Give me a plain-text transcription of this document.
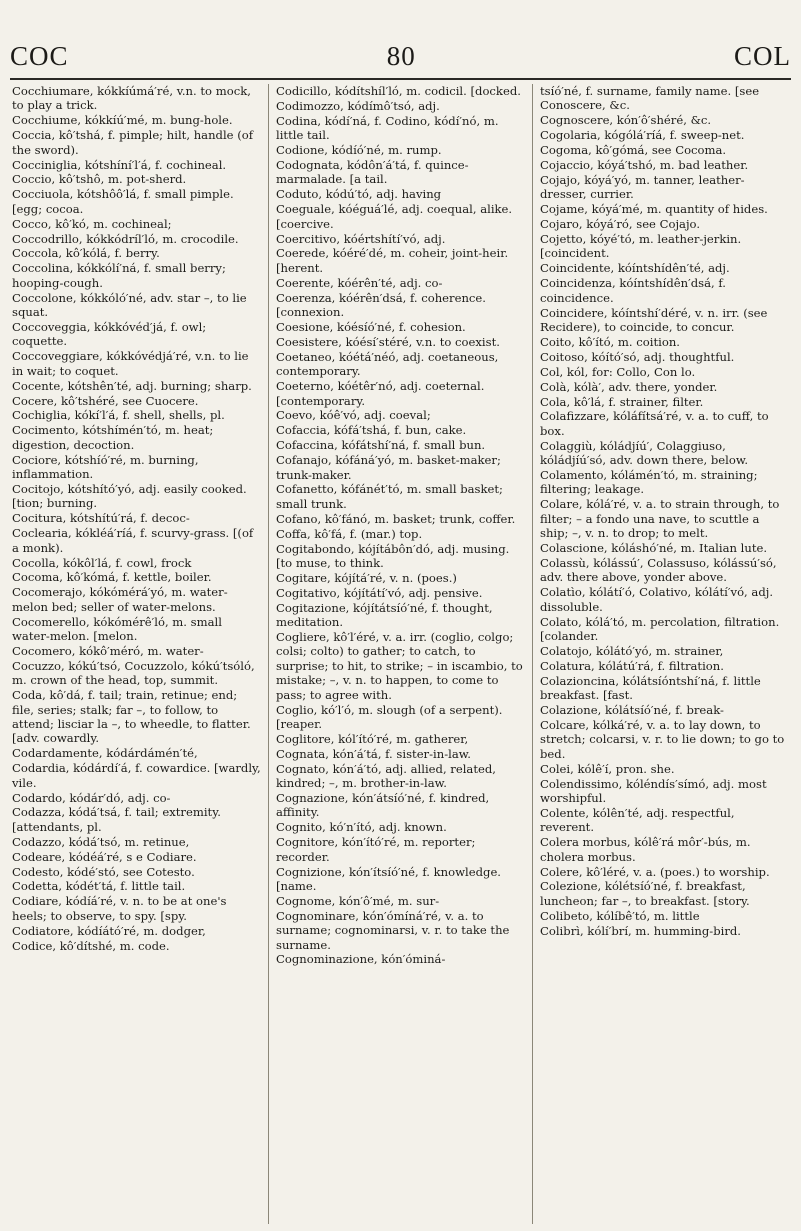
COC	80	COL
Cocchiumare, kókkíúmá′ré, v.n. to mock, to play a trick.
Cocchiume, kókkíú′mé, m. bung-hole.
Coccia, kô′tshá, f. pimple; hilt, handle (of the sword).
Cocciniglia, kótshíní′l′á, f. cochineal.
Coccio, kô′tshô, m. pot-sherd.
Cocciuola, kótshôô′lá, f. small pimple. [egg; cocoa.
Cocco, kô′kó, m. cochineal;
Coccodrillo, kókkódríl′ló, m. crocodile.
Coccola, kô′kólá, f. berry.
Coccolina, kókkólí′ná, f. small berry; hooping-cough.
Coccolone, kókkóló′né, adv. star –, to lie squat.
Coccoveggia, kókkóvéd′já, f. owl; coquette.
Coccoveggiare, kókkóvédjá′ré, v.n. to lie in wait; to coquet.
Cocente, kótshên′té, adj. burning; sharp.
Cocere, kô′tshéré, see Cuocere.
Cochiglia, kókí′l′á, f. shell, shells, pl.
Cocimento, kótshímén′tó, m. heat; digestion, decoction.
Cociore, kótshíó′ré, m. burning, inflammation.
Cocitojo, kótshító′yó, adj. easily cooked. [tion; burning.
Cocitura, kótshítú′rá, f. decoc-
Coclearia, kókléá′ríá, f. scurvy-grass. [(of a monk).
Cocolla, kókôl′lá, f. cowl, frock
Cocoma, kô′kómá, f. kettle, boiler.
Cocomerajo, kókómérá′yó, m. water-melon bed; seller of water-melons.
Cocomerello, kókómérê′ló, m. small water-melon. [melon.
Cocomero, kókô′méró, m. water-
Cocuzzo, kókú′tsó, Cocuzzolo, kókú′tsóló, m. crown of the head, top, summit.
Coda, kô′dá, f. tail; train, retinue; end; file, series; stalk; far –, to follow, to attend; lisciar la –, to wheedle, to flatter. [adv. cowardly.
Codardamente, kódárdámén′té,
Codardia, kódárdí′á, f. cowardice. [wardly, vile.
Codardo, kódár′dó, adj. co-
Codazza, kódá′tsá, f. tail; extremity. [attendants, pl.
Codazzo, kódá′tsó, m. retinue,
Codeare, kódéá′ré, s e Codiare.
Codesto, kódé′stó, see Cotesto.
Codetta, kódét′tá, f. little tail.
Codiare, kódíá′ré, v. n. to be at one's heels; to observe, to spy. [spy.
Codiatore, kódíátó′ré, m. dodger,
Codice, kô′dítshé, m. code.
Codicillo, kódítshíl′ló, m. codicil. [docked.
Codimozzo, kódímô′tsó, adj.
Codina, kódí′ná, f. Codino, kódí′nó, m. little tail.
Codione, kódíó′né, m. rump.
Codognata, kódôn′á′tá, f. quince-marmalade. [a tail.
Coduto, kódú′tó, adj. having
Coeguale, kóéguá′lé, adj. coequal, alike. [coercive.
Coercitivo, kóértshítí′vó, adj.
Coerede, kóéré′dé, m. coheir, joint-heir. [herent.
Coerente, kóérên′té, adj. co-
Coerenza, kóérên′dsá, f. coherence. [connexion.
Coesione, kóésíó′né, f. cohesion.
Coesistere, kóésí′stéré, v.n. to coexist.
Coetaneo, kóétá′néó, adj. coetaneous, contemporary.
Coeterno, kóétêr′nó, adj. coeternal. [contemporary.
Coevo, kóê′vó, adj. coeval;
Cofaccia, kófá′tshá, f. bun, cake.
Cofaccina, kófátshí′ná, f. small bun.
Cofanajo, kófáná′yó, m. basket-maker; trunk-maker.
Cofanetto, kófánét′tó, m. small basket; small trunk.
Cofano, kô′fánó, m. basket; trunk, coffer.
Coffa, kô′fá, f. (mar.) top.
Cogitabondo, kójítábôn′dó, adj. musing. [to muse, to think.
Cogitare, kójítá′ré, v. n. (poes.)
Cogitativo, kójítátí′vó, adj. pensive.
Cogitazione, kójítátsíó′né, f. thought, meditation.
Cogliere, kô′l′éré, v. a. irr. (coglio, colgo; colsi; colto) to gather; to catch, to surprise; to hit, to strike; – in iscambio, to mistake; –, v. n. to happen, to come to pass; to agree with.
Coglio, kó′l′ó, m. slough (of a serpent). [reaper.
Coglitore, kól′ító′ré, m. gatherer,
Cognata, kón′á′tá, f. sister-in-law.
Cognato, kón′á′tó, adj. allied, related, kindred; –, m. brother-in-law.
Cognazione, kón′átsíó′né, f. kindred, affinity.
Cognito, kó′n′ító, adj. known.
Cognitore, kón′ító′ré, m. reporter; recorder.
Cognizione, kón′ítsíó′né, f. knowledge. [name.
Cognome, kón′ô′mé, m. sur-
Cognominare, kón′ómíná′ré, v. a. to surname; cognominarsi, v. r. to take the surname.
Cognominazione, kón′óminá-
tsíó′né, f. surname, family name. [see Conoscere, &c.
Cognoscere, kón′ô′shéré, &c.
Cogolaria, kógólá′ríá, f. sweep-net.
Cogoma, kô′gómá, see Cocoma.
Cojaccio, kóyá′tshó, m. bad leather.
Cojajo, kóyá′yó, m. tanner, leather-dresser, currier.
Cojame, kóyá′mé, m. quantity of hides.
Cojaro, kóyá′ró, see Cojajo.
Cojetto, kóyé′tó, m. leather-jerkin. [coincident.
Coincidente, kóíntshídên′té, adj.
Coincidenza, kóíntshídên′dsá, f. coincidence.
Coincidere, kóíntshí′déré, v. n. irr. (see Recidere), to coincide, to concur.
Coito, kô′ító, m. coition.
Coitoso, kóító′só, adj. thoughtful.
Col, kól, for: Collo, Con lo.
Colà, kólà′, adv. there, yonder.
Cola, kô′lá, f. strainer, filter.
Colafizzare, kóláfítsá′ré, v. a. to cuff, to box.
Colaggiù, kóládjíú′, Colaggiuso, kóládjíú′só, adv. down there, below.
Colamento, kólámén′tó, m. straining; filtering; leakage.
Colare, kólá′ré, v. a. to strain through, to filter; – a fondo una nave, to scuttle a ship; –, v. n. to drop; to melt.
Colascione, kóláshó′né, m. Italian lute.
Colassù, kólássú′, Colassuso, kólássú′só, adv. there above, yonder above.
Colatìo, kólátí′ó, Colativo, kólátí′vó, adj. dissoluble.
Colato, kólá′tó, m. percolation, filtration. [colander.
Colatojo, kólátó′yó, m. strainer,
Colatura, kólátú′rá, f. filtration.
Colazioncina, kólátsíóntshí′ná, f. little breakfast. [fast.
Colazione, kólátsíó′né, f. break-
Colcare, kólká′ré, v. a. to lay down, to stretch; colcarsi, v. r. to lie down; to go to bed.
Colei, kólê′í, pron. she.
Colendissimo, kóléndís′símó, adj. most worshipful.
Colente, kólên′té, adj. respectful, reverent.
Colera morbus, kólê′rá môr′-bús, m. cholera morbus.
Colere, kô′léré, v. a. (poes.) to worship.
Colezione, kólétsíó′né, f. breakfast, luncheon; far –, to breakfast. [story.
Colibeto, kólíbê′tó, m. little
Colibrì, kólí′brí, m. humming-bird.
